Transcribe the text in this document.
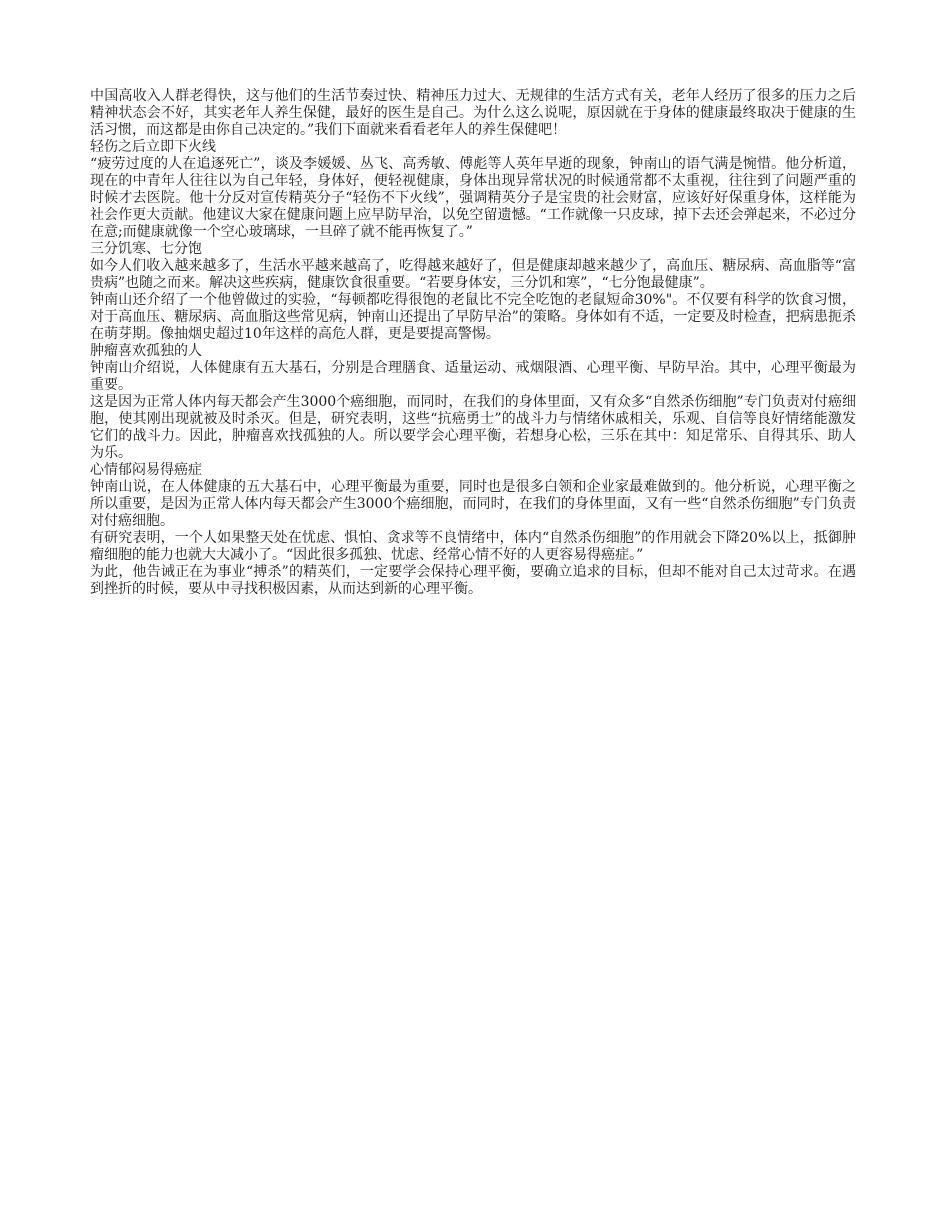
中国高收入人群老得快，这与他们的生活节奏过快、精神压力过大、无规律的生活方式有关，老年人经历了很多的压力之后精神状态会不好，其实老年人养生保健，最好的医生是自己。为什么这么说呢，原因就在于身体的健康最终取决于健康的生活习惯，而这都是由你自己决定的。”我们下面就来看看老年人的养生保健吧！

轻伤之后立即下火线

“疲劳过度的人在追逐死亡”，谈及李媛媛、丛飞、高秀敏、傅彪等人英年早逝的现象，钟南山的语气满是惋惜。他分析道，现在的中青年人往往以为自己年轻，身体好，便轻视健康，身体出现异常状况的时候通常都不太重视，往往到了问题严重的时候才去医院。他十分反对宣传精英分子“轻伤不下火线”，强调精英分子是宝贵的社会财富，应该好好保重身体，这样能为社会作更大贡献。他建议大家在健康问题上应早防早治，以免空留遗憾。“工作就像一只皮球，掉下去还会弹起来，不必过分在意;而健康就像一个空心玻璃球，一旦碎了就不能再恢复了。”

三分饥寒、七分饱

如今人们收入越来越多了，生活水平越来越高了，吃得越来越好了，但是健康却越来越少了，高血压、糖尿病、高血脂等“富贵病”也随之而来。解决这些疾病，健康饮食很重要。“若要身体安，三分饥和寒”，“七分饱最健康”。

钟南山还介绍了一个他曾做过的实验，“每顿都吃得很饱的老鼠比不完全吃饱的老鼠短命30%"。不仅要有科学的饮食习惯，对于高血压、糖尿病、高血脂这些常见病，钟南山还提出了早防早治”的策略。身体如有不适，一定要及时检查，把病患扼杀在萌芽期。像抽烟史超过10年这样的高危人群，更是要提高警惕。

肿瘤喜欢孤独的人

钟南山介绍说，人体健康有五大基石，分别是合理膳食、适量运动、戒烟限酒、心理平衡、早防早治。其中，心理平衡最为重要。

这是因为正常人体内每天都会产生3000个癌细胞，而同时，在我们的身体里面，又有众多“自然杀伤细胞”专门负责对付癌细胞，使其刚出现就被及时杀灭。但是，研究表明，这些“抗癌勇士”的战斗力与情绪休戚相关，乐观、自信等良好情绪能激发它们的战斗力。因此，肿瘤喜欢找孤独的人。所以要学会心理平衡，若想身心松，三乐在其中：知足常乐、自得其乐、助人为乐。

心情郁闷易得癌症

钟南山说，在人体健康的五大基石中，心理平衡最为重要，同时也是很多白领和企业家最难做到的。他分析说，心理平衡之所以重要，是因为正常人体内每天都会产生3000个癌细胞，而同时，在我们的身体里面，又有一些“自然杀伤细胞”专门负责对付癌细胞。

有研究表明，一个人如果整天处在忧虑、惧怕、贪求等不良情绪中，体内“自然杀伤细胞”的作用就会下降20%以上，抵御肿瘤细胞的能力也就大大减小了。“因此很多孤独、忧虑、经常心情不好的人更容易得癌症。”

为此，他告诫正在为事业“搏杀”的精英们，一定要学会保持心理平衡，要确立追求的目标，但却不能对自己太过苛求。在遇到挫折的时候，要从中寻找积极因素，从而达到新的心理平衡。
